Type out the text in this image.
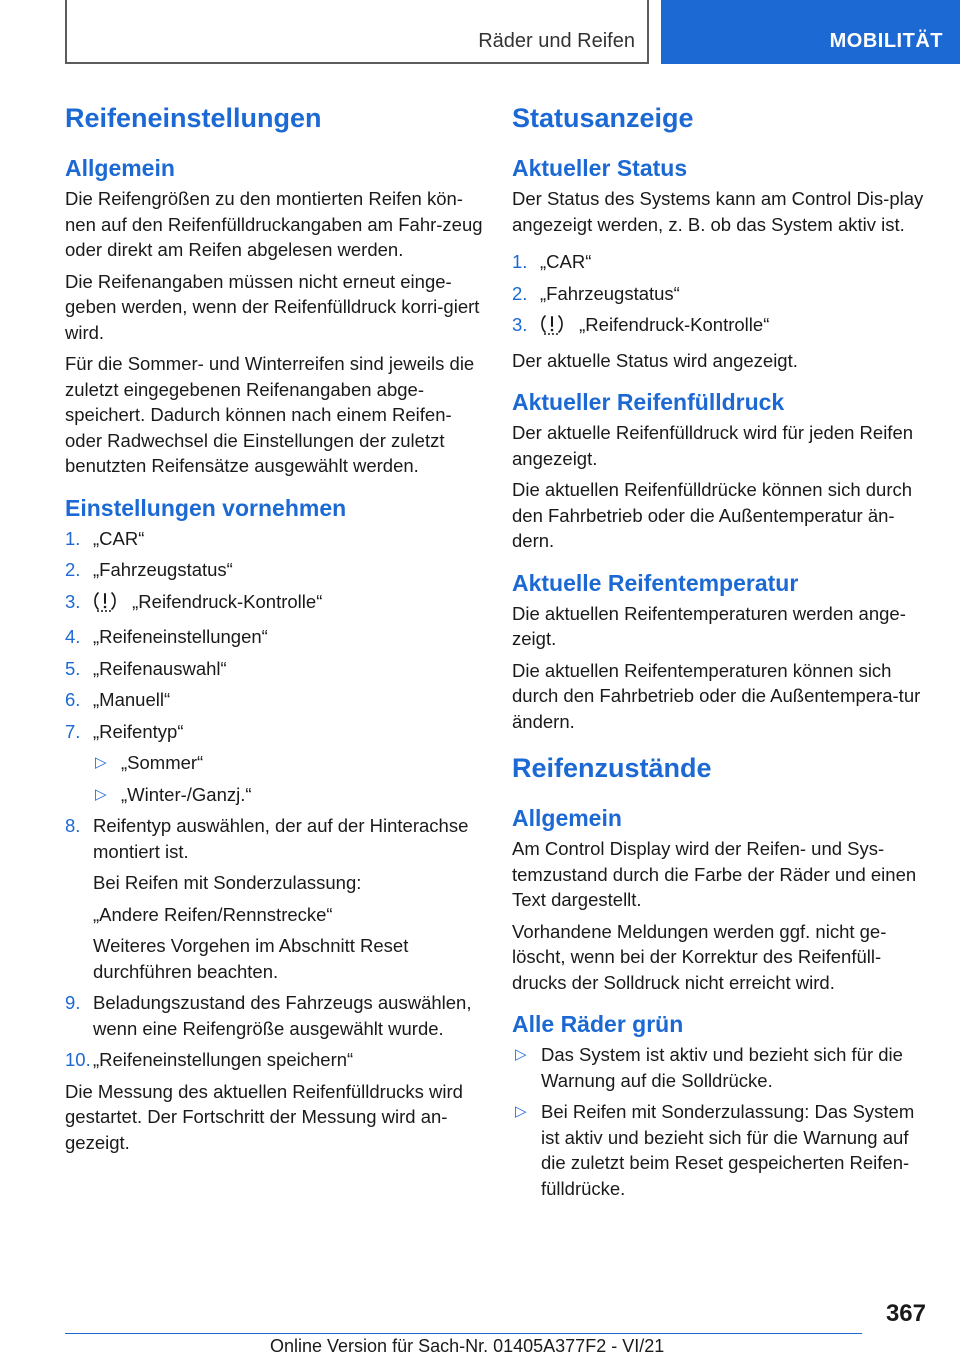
Räder und Reifen	MOBILITÄT
Reifeneinstellungen
Allgemein

Die Reifengrößen zu den montierten Reifen kön‐nen auf den Reifenfülldruckangaben am Fahr‐zeug oder direkt am Reifen abgelesen werden.

Die Reifenangaben müssen nicht erneut einge‐geben werden, wenn der Reifenfülldruck korri‐giert wird.

Für die Sommer- und Winterreifen sind jeweils die zuletzt eingegebenen Reifenangaben abge‐speichert. Dadurch können nach einem Reifen- oder Radwechsel die Einstellungen der zuletzt benutzten Reifensätze ausgewählt werden.

Einstellungen vornehmen
1. „CAR“
2. „Fahrzeugstatus“
3.	„Reifendruck-Kontrolle“
4. „Reifeneinstellungen“
5. „Reifenauswahl“
6. „Manuell“
7. „Reifentyp“
▷ „Sommer“
▷ „Winter-/Ganzj.“
8. Reifentyp auswählen, der auf der Hinterachse montiert ist.
Bei Reifen mit Sonderzulassung:
„Andere Reifen/Rennstrecke“
Weiteres Vorgehen im Abschnitt Reset durchführen beachten.
9. Beladungszustand des Fahrzeugs auswählen, wenn eine Reifengröße ausgewählt wurde.
10. „Reifeneinstellungen speichern“

Die Messung des aktuellen Reifenfülldrucks wird gestartet. Der Fortschritt der Messung wird an‐gezeigt.

Statusanzeige
Aktueller Status

Der Status des Systems kann am Control Dis‐play angezeigt werden, z. B. ob das System aktiv ist.

1. „CAR“
2. „Fahrzeugstatus“
3.	„Reifendruck-Kontrolle“

Der aktuelle Status wird angezeigt.

Aktueller Reifenfülldruck

Der aktuelle Reifenfülldruck wird für jeden Reifen angezeigt.

Die aktuellen Reifenfülldrücke können sich durch den Fahrbetrieb oder die Außentemperatur än‐dern.

Aktuelle Reifentemperatur

Die aktuellen Reifentemperaturen werden ange‐zeigt.

Die aktuellen Reifentemperaturen können sich durch den Fahrbetrieb oder die Außentempera‐tur ändern.

Reifenzustände
Allgemein

Am Control Display wird der Reifen- und Sys‐temzustand durch die Farbe der Räder und einen Text dargestellt.

Vorhandene Meldungen werden ggf. nicht ge‐löscht, wenn bei der Korrektur des Reifenfüll‐drucks der Solldruck nicht erreicht wird.

Alle Räder grün
▷ Das System ist aktiv und bezieht sich für die Warnung auf die Solldrücke.
▷ Bei Reifen mit Sonderzulassung: Das System ist aktiv und bezieht sich für die Warnung auf die zuletzt beim Reset gespeicherten Reifen‐fülldrücke.
367
Online Version für Sach-Nr. 01405A377F2 - VI/21
